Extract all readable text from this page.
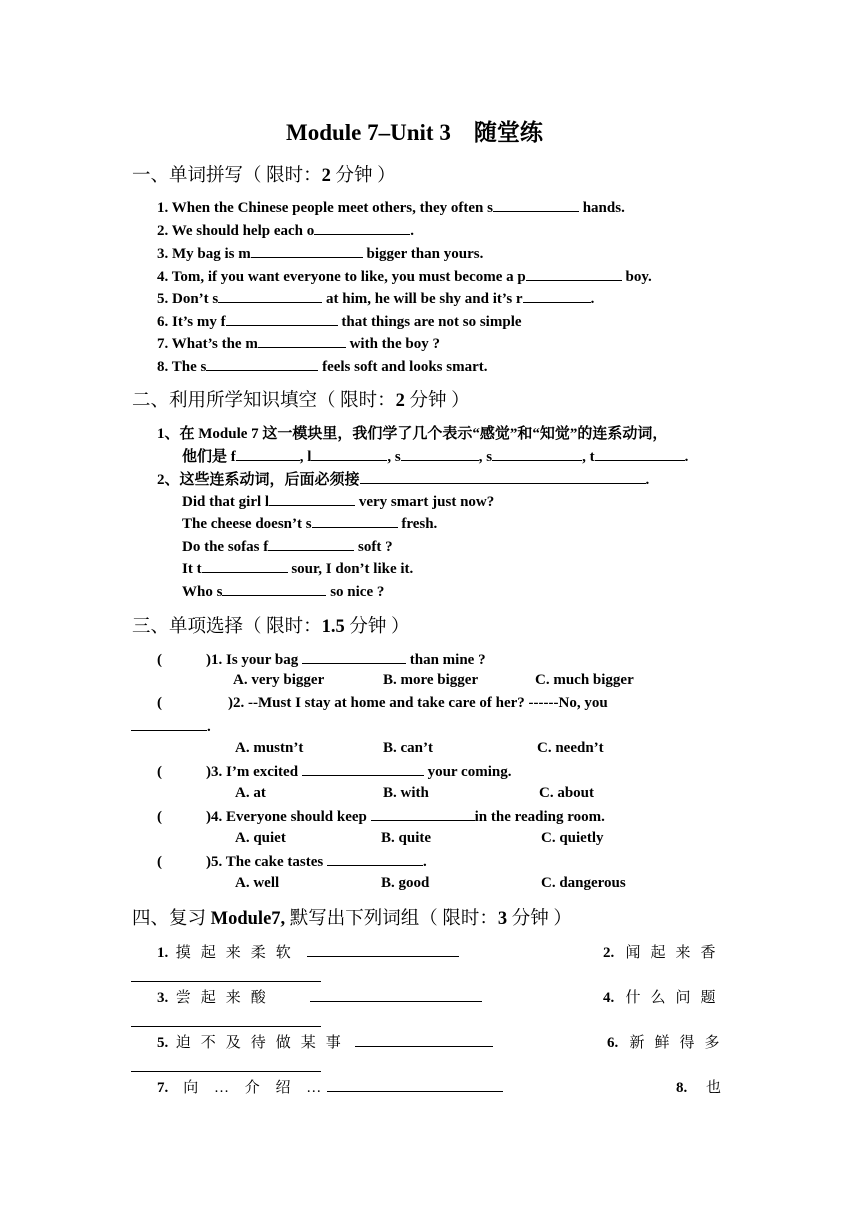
Module 7–Unit 3　随堂练
一、单词拼写（ 限时：2 分钟 ）
1. When the Chinese people meet others, they often s	hands.
2. We should help each o	.
3. My bag is m	bigger than yours.
4. Tom, if you want everyone to like, you must become a p	boy.
5. Don’t s	at him, he will be shy and it’s r	.
6. It’s my f	that things are not so simple
7. What’s the m	with the boy ?
8. The s	feels soft and looks smart.
二、利用所学知识填空（ 限时：2 分钟 ）
1、在 Module 7 这一模块里，我们学了几个表示“感觉”和“知觉”的连系动词，
他们是 f	, l	, s	, s	, t	.
2、这些连系动词，后面必须接	.
Did that girl l	very smart just now?
The cheese doesn’t s	fresh.
Do the sofas f	soft ?
It t	sour, I don’t like it.
Who s	so nice ?
三、单项选择（ 限时：1.5 分钟 ）
(	)1. Is your bag	than mine ?
A. very bigger	B. more bigger	C. much bigger
(	)2. --Must I stay at home and take care of her? ------No, you
.
A. mustn’t	B. can’t	C. needn’t
(	)3. I’m excited	your coming.
A. at	B. with	C. about
(	)4. Everyone should keep	in the reading room.
A. quiet	B. quite	C. quietly
(	)5. The cake tastes	.
A. well	B. good	C. dangerous
四、复习 Module7, 默写出下列词组（ 限时：3 分钟 ）
1. 摸起来柔软	2. 闻起来香
3. 尝起来酸	4. 什么问题
5. 迫不及待做某事	6. 新鲜得多
7. 向 … 介 绍 …	8. 也
